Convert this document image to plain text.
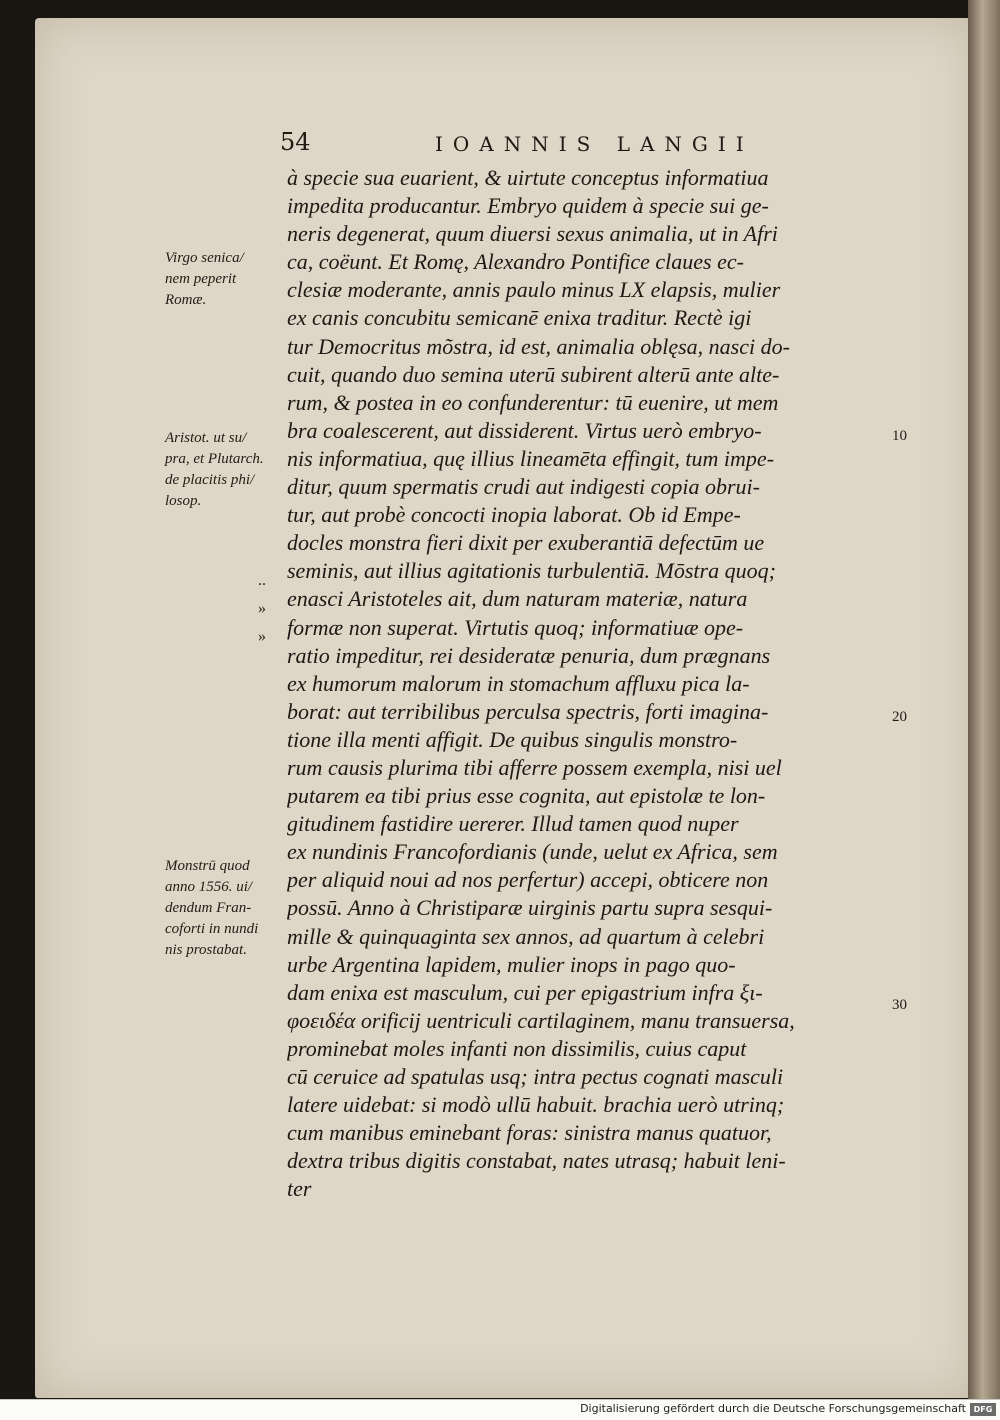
54	IOANNIS LANGII
à specie sua euarient, & uirtute conceptus informatiua
impedita producantur. Embryo quidem à specie sui ge-
neris degenerat, quum diuersi sexus animalia, ut in Afri
ca, coëunt. Et Romę, Alexandro Pontifice claues ec-
clesiæ moderante, annis paulo minus LX elapsis, mulier
ex canis concubitu semicanē enixa traditur. Rectè igi
tur Democritus mõstra, id est, animalia oblęsa, nasci do-
cuit, quando duo semina uterū subirent alterū ante alte-
rum, & postea in eo confunderentur: tū euenire, ut mem
bra coalescerent, aut dissiderent. Virtus uerò embryo-
nis informatiua, quę illius lineamēta effingit, tum impe-
ditur, quum spermatis crudi aut indigesti copia obrui-
tur, aut probè concocti inopia laborat. Ob id Empe-
docles monstra fieri dixit per exuberantiā defectūm ue
seminis, aut illius agitationis turbulentiā. Mōstra quoq;
enasci Aristoteles ait, dum naturam materiæ, natura
formæ non superat. Virtutis quoq; informatiuæ ope-
ratio impeditur, rei desideratæ penuria, dum prægnans
ex humorum malorum in stomachum affluxu pica la-
borat: aut terribilibus perculsa spectris, forti imagina-
tione illa menti affigit. De quibus singulis monstro-
rum causis plurima tibi afferre possem exempla, nisi uel
putarem ea tibi prius esse cognita, aut epistolæ te lon-
gitudinem fastidire uererer. Illud tamen quod nuper
ex nundinis Francofordianis (unde, uelut ex Africa, sem
per aliquid noui ad nos perfertur) accepi, obticere non
possū. Anno à Christiparæ uirginis partu supra sesqui-
mille & quinquaginta sex annos, ad quartum à celebri
urbe Argentina lapidem, mulier inops in pago quo-
dam enixa est masculum, cui per epigastrium infra ξι-
φοειδέα orificij uentriculi cartilaginem, manu transuersa,
prominebat moles infanti non dissimilis, cuius caput
cū ceruice ad spatulas usq; intra pectus cognati masculi
latere uidebat: si modò ullū habuit. brachia uerò utrinq;
cum manibus eminebant foras: sinistra manus quatuor,
dextra tribus digitis constabat, nates utrasq; habuit leni-
ter
Virgo senica/
nem peperit
Romæ.
Aristot. ut su/
pra, et Plutarch.
de placitis phi/
losop.
Monstrū quod
anno 1556. ui/
dendum Fran-
coforti in nundi
nis prostabat.
..
»
»
10
20
30
Digitalisierung gefördert durch die Deutsche Forschungsgemeinschaft DFG
